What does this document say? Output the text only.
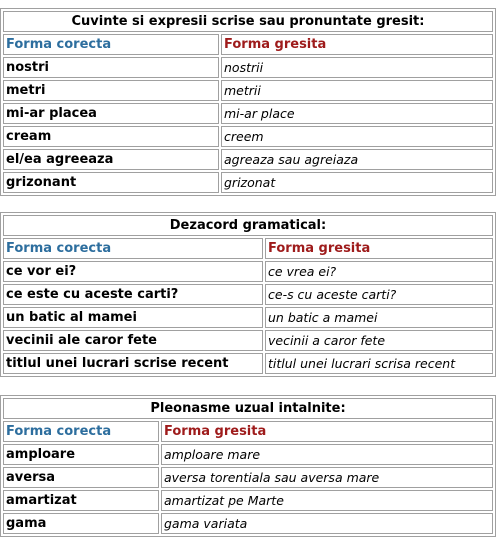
Cuvinte si expresii scrise sau pronuntate gresit:	
Forma corecta	Forma gresita
nostri	nostrii
metri	metrii
mi-ar placea	mi-ar place
cream	creem
el/ea agreeaza	agreaza sau agreiaza
grizonant	grizonat
Dezacord gramatical:	
Forma corecta	Forma gresita
ce vor ei?	ce vrea ei?
ce este cu aceste carti?	ce-s cu aceste carti?
un batic al mamei	un batic a mamei
vecinii ale caror fete	vecinii a caror fete
titlul unei lucrari scrise recent	titlul unei lucrari scrisa recent
Pleonasme uzual intalnite:	
Forma corecta	Forma gresita
amploare	amploare mare
aversa	aversa torentiala sau aversa mare
amartizat	amartizat pe Marte
gama	gama variata
